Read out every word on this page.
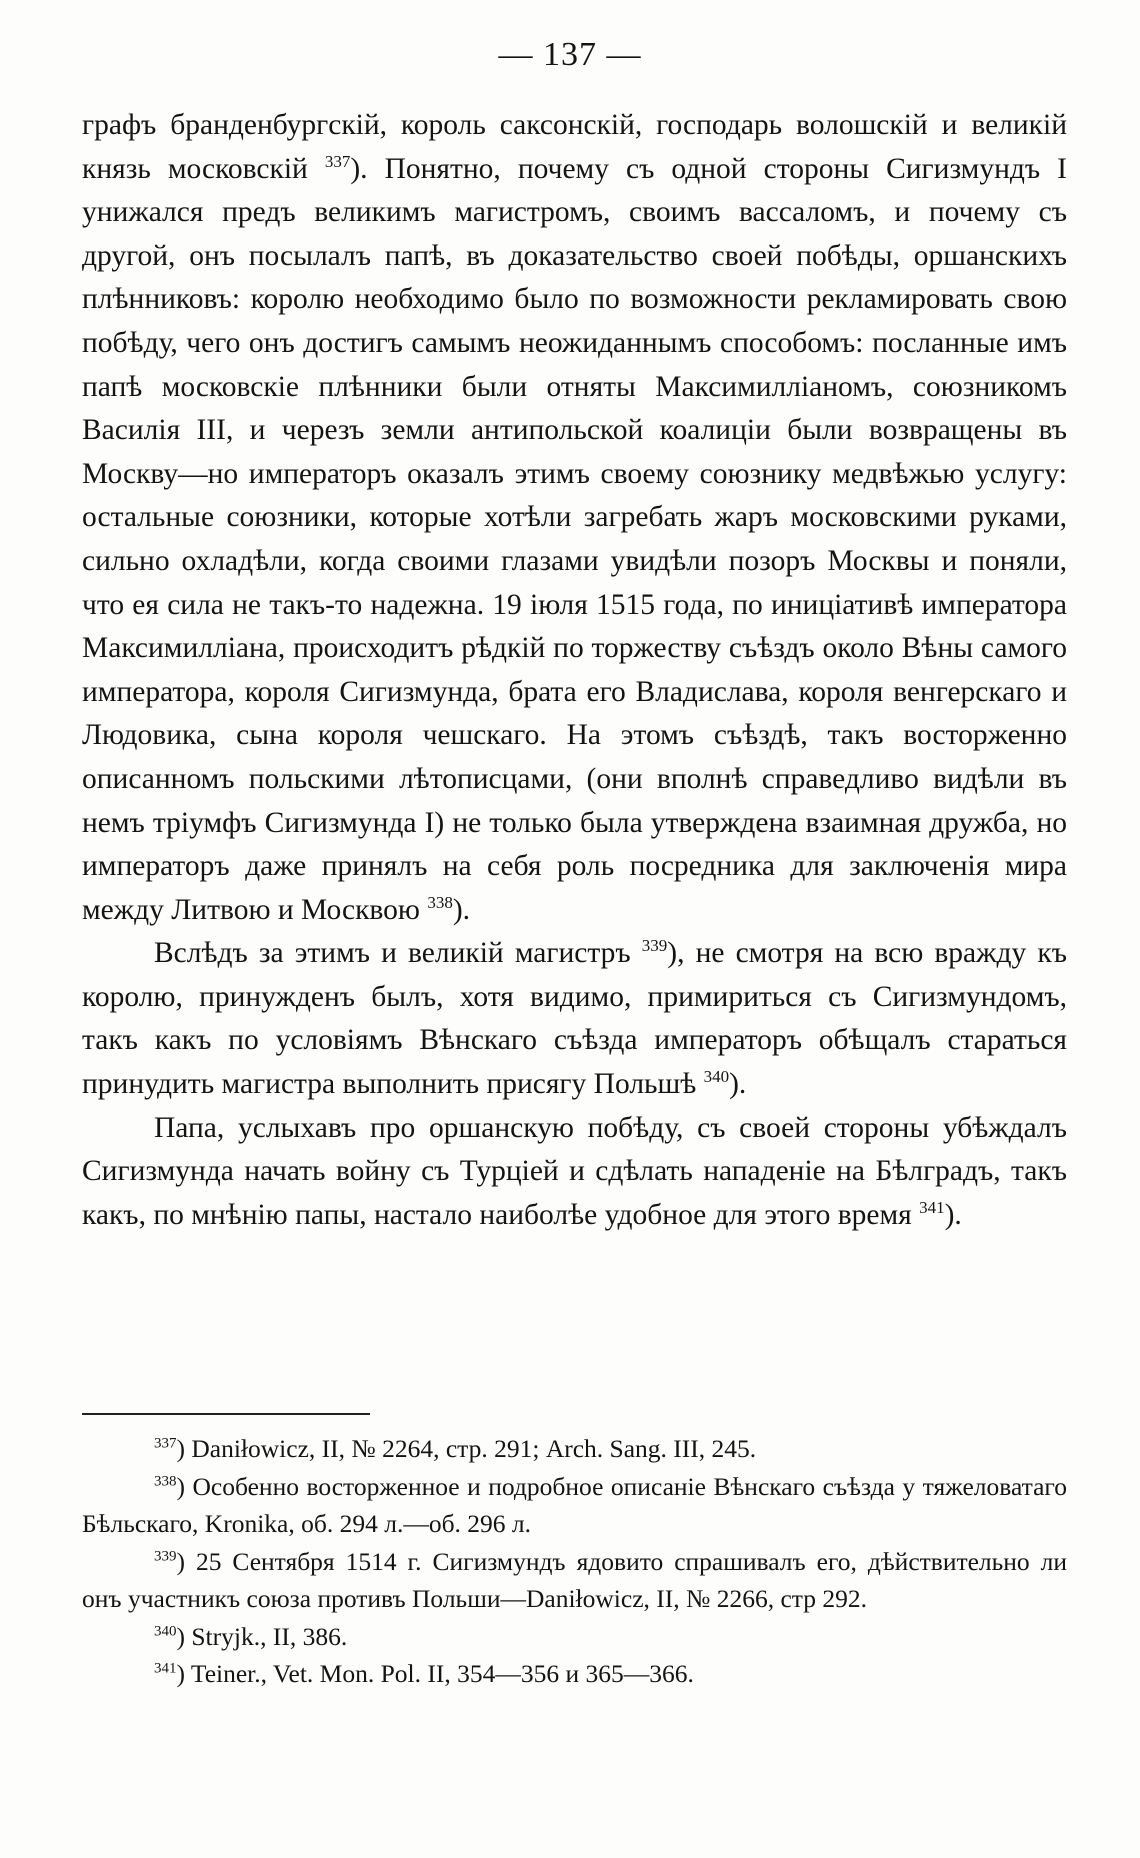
— 137 —

графъ бранденбургскій, король саксонскій, господарь волошскій и великій князь московскій $^{337}$). Понятно, почему съ одной стороны Сигизмундъ I унижался предъ великимъ магистромъ, своимъ вассаломъ, и почему съ другой, онъ посылалъ папѣ, въ доказательство своей побѣды, оршанскихъ плѣнниковъ: королю необходимо было по возможности рекламировать свою побѣду, чего онъ достигъ самымъ неожиданнымъ способомъ: посланные имъ папѣ московскіе плѣнники были отняты Максимилліаномъ, союзникомъ Василія III, и черезъ земли антипольской коалиціи были возвращены въ Москву—но императоръ оказалъ этимъ своему союзнику медвѣжью услугу: остальные союзники, которые хотѣли загребать жаръ московскими руками, сильно охладѣли, когда своими глазами увидѣли позоръ Москвы и поняли, что ея сила не такъ-то надежна. 19 іюля 1515 года, по иниціативѣ императора Максимилліана, происходитъ рѣдкій по торжеству съѣздъ около Вѣны самого императора, короля Сигизмунда, брата его Владислава, короля венгерскаго и Людовика, сына короля чешскаго. На этомъ съѣздѣ, такъ восторженно описанномъ польскими лѣтописцами, (они вполнѣ справедливо видѣли въ немъ тріумфъ Сигизмунда I) не только была утверждена взаимная дружба, но императоръ даже принялъ на себя роль посредника для заключенія мира между Литвою и Москвою $^{338}$).

Вслѣдъ за этимъ и великій магистръ $^{339}$), не смотря на всю вражду къ королю, принужденъ былъ, хотя видимо, примириться съ Сигизмундомъ, такъ какъ по условіямъ Вѣнскаго съѣзда императоръ обѣщалъ стараться принудить магистра выполнить присягу Польшѣ $^{340}$).

Папа, услыхавъ про оршанскую побѣду, съ своей стороны убѣждалъ Сигизмунда начать войну съ Турціей и сдѣлать нападеніе на Бѣлградъ, такъ какъ, по мнѣнію папы, настало наиболѣе удобное для этого время $^{341}$).

$^{337}$) Daniłowicz, II, № 2264, стр. 291; Arch. Sang. III, 245.

$^{338}$) Особенно восторженное и подробное описаніе Вѣнскаго съѣзда у тяжеловатаго Бѣльскаго, Kronika, об. 294 л.—об. 296 л.

$^{339}$) 25 Сентября 1514 г. Сигизмундъ ядовито спрашивалъ его, дѣйствительно ли онъ участникъ союза противъ Польши—Daniłowicz, II, № 2266, стр 292.

$^{340}$) Stryjk., II, 386.

$^{341}$) Teiner., Vet. Mon. Pol. II, 354—356 и 365—366.
